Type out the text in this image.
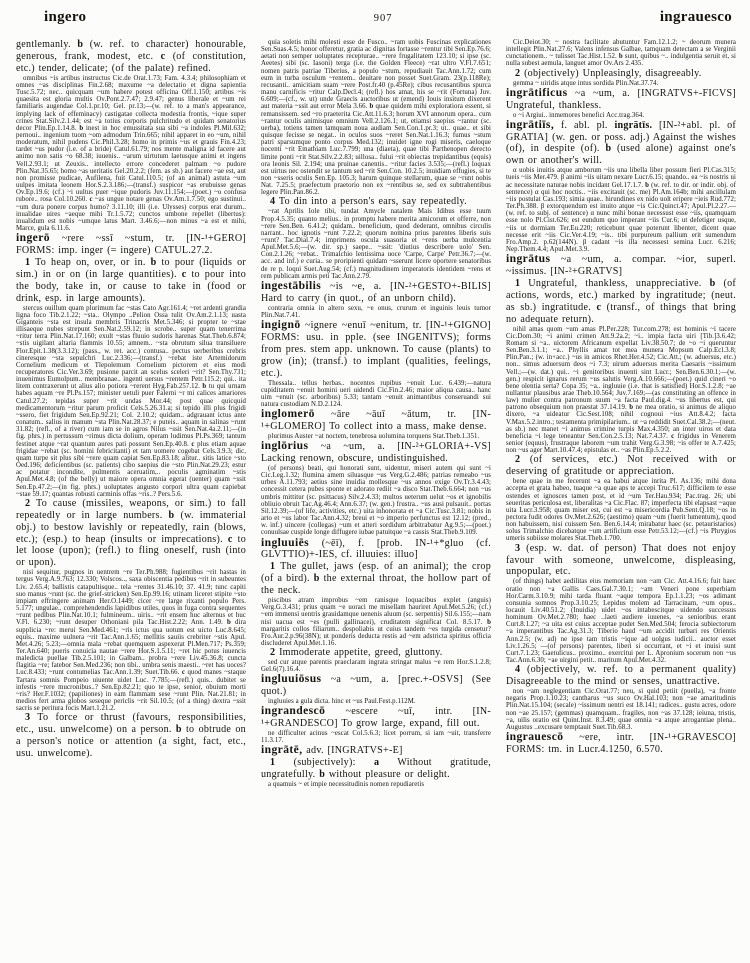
ingero	907	ingrauesco

gentlemanly. b (w. ref. to character) honourable, generous, frank, modest, etc. c (of constitution, etc.) tender, delicate; (of the palate) refined.

omnibus ~is artibus instructus Cic.de Orat.1.73; Fam. 4.3.4; philosophiam et omnes ~as disciplinas Fin.2.68; maxume ~a delectatio et digna sapientia Tusc.5.72; nec.. quicquam ~um habere potest officina Off.1.150; artibus ~is quaesita est gloria multis Ov.Pont.2.7.47; 2.9.47; genus liberale et ~um rei familiaris augendae Col.1.pr.10; Gel. pr.13;—(w. ref. to a man's appearance, implying lack of effeminacy) castigatae collecta modestia frontis, ~ique super crines Stat.Silv.2.1.44; est ~a totius corporis pulchritudo et quidam senatorius decor Plin.Ep.1.14.8. b inest in hoc emussitata sua sibi ~a indoles Pl.Mil.632; pernoui.. ingenium tuom ~om admodum Trin.665; nihil apparet in eo ~um, nihil moderatum, nihil pudens Cic.Phil.3.28; homo in primis ~us et grauis Fin.4.23; tardet ~us pudor (i.e. of a bride) Catul.61.79; nos mente maligna id facere aut animo non satis ~o 68.38; iuuenis.. ~arum uirtutum laetusque animi et ingens Vell.2.93.1; ut Zeuxis.. intellecto errore concederet palmam ~o pudore Plin.Nat.35.65; homo ~as ueritatis Gel.20.2.2; (fem. as sb.) aut facere ~ae est, aut non promisse pudicae, Aufilena, fuit Catul.110.5; (of an animal) astuta ~um uulpes imitata leonem Hor.S.2.3.186;—(transf.) suspicor ~as erubuisse genas Ov.Ep.19.6; (cf.) ~i uultus puer ~ique pudoris Juv.11.154;—(poet.) ~o confusa rubore.. rosa Col.10.260. c ~as ungue notare genas Ov.Am.1.7.50; ego sustinui.. ~um dura ponere corpus humo? 3.11.10; illi (i.e. Ulysses) corpus erat durum.. inualidae uires ~aeque mihi Tr.1.5.72; cunctos umbone repellet (libertus): inualidum est nobis ~umque latus Mart. 3.46.6;—non minus ~a est et mihi, Marce, gula 6.11.6.

ingerō ~rere ~ssī ~stum, tr. [IN-¹+GERO] FORMS: imp. inger (= ingere) CATUL.27.2.

1 To heap on, over, or in. b to pour (liquids or sim.) in or on (in large quantities). c to pour into the body, take in, or cause to take in (food or drink, esp. in large amounts).

stercus ouillum quam plurimum fac ~stas Cato Agr.161.4; ~ret ardenti grandia ligna foco Tib.2.1.22; ~sta.. Olympo ..Pelion Ossa tulit Ov.Am.2.1.13; uasta Giganteis ~sta est insula membris Trinacris Met.5.346; si propter te ~stae illisaeque nubes strepunt Sen.Nat.2.59.12; in scrobe.. super quam tenerrima ~ritur terra Plin.Nat.17.160; exult ~stas fluuio sudoris harenas Stat.Theb.6.874; ~stis uigilant altaria flammis 10.55; amnem.. ~sta obrutum silua transiluere Flor.Epit.1.38(3.3.12); (pass., w. ret. acc.) contusa.. pectus uerberibus crebris cineresque ~sta sepulchri Luc.2.336;—(transf.) ~rebat iste Artemidorum Cornelium medicum et Tlepolemum Cornelium pictorem et eius modi recuperatores Cic.Ver.3.69; pusione parcit an scelus sceleri ~rit? Sen.Thy.731; inuenimus Eumolpum.. membranae.. ingenti uersus ~rentem Petr.115.2; qui.. ita litem contraxerunt ut alius alio potiora ~rerent Hyg.Fab.257.12. b tu qui urnam habes aquam ~re Pl.Ps.157; minister uetuli puer Falerni ~r mi calices amariores Catul.27.2; tepidas super ~rit undas Mor.44; post quae quicquid medicamentorum ~ritur parum proficit Cels.5.26.31.a; si tepido illi plus frigidi ~ssero, fiet frigidum Sen.Ep.92.21; Col. 2.10.2; quidam.. adgrauant ictus ante conatum.. salius in manum ~sta Plin.Nat.28.37; e puteis.. aquam in salinas ~runt 31.82; (refl., of a river) cum iam se in agros Nilus ~ssit Sen.Nat.4a.2.11;—(in fig. phrs.) in pertussum ~rimus dicta dolium, operam ludimus Pl.Ps.369; tantum festinet atque ~rat quantum aures pati possunt Sen.Ep.40.8. c plus etiam aquae frigidae ~rebat (sc. homini febricitanti) et tam uomere cogebat Cels.3.9.3; dic, quam turpe sit plus sibi ~rere quam capiat Sen.Ep.83.18; alitur.. sitis latice ~sto Oed.196; deficientibus (sc. patients) cibo saepius die ~sto Plin.Nat.29.23; estur ac potatur incondite, pulmentis aceruatim,.. poculis agminatim ~stis Apul.Met.4.8; (of the belly) ut maiore opera omnia egerat (uenter) quam ~ssit Sen.Ep.47.2;—(in fig. phrs.) uoluptates angusto corpori ultra quam capiebat ~stae 59.17; quantas robusti carminis offas ~ris..? Pers.5.6.

2 To cause (missiles, weapons, or sim.) to fall repeatedly or in large numbers. b (w. immaterial obj.) to bestow lavishly or repeatedly, rain (blows, etc.); (esp.) to heap (insults or imprecations). c to let loose (upon); (refl.) to fling oneself, rush (into or upon).

nisi sequitur, pugnos in uentrem ~re Ter.Ph.988; fugientibus ~rit hastas in tergus Verg.A.9.763; 12.330; Volscos.., saxa obiscentia pedibus ~rit in subeuntes Liv. 2.65.4; ballistis catapultisque.. tela ~rentes 31.46.10; 37. 41.9; tunc capiti suo manus ~runt (sc. the grief-stricken) Sen.Ep.99.16; utinam liceret stipite ~sto impiam effringere animam Her.O.1449; cicer ~re large rixanti populo Pers. 5.177; ungulae.. comprehendendis lapidibus utiles, quos in fuga contra sequentes ~runt pedibus Plin.Nat.10.1; fulmineum.. uiris.. ~rit ensem huc alternus et huc V.Fl. 6.230; ~runt desuper Othoniani pila Tac.Hist.2.22; Ann. 1.49. b dira supplicia ~re: merui Sen.Med.461; ~ris ictus qua uotum est uicto Luc.8.645; equis.. maxime uulnera ~rit Tac.Ann.1.65; mellitis sauiis crebriter ~stis Apul. Met.4.26; 5.23;—omnia mala ~rebat quemquem aspexerat Pl.Men.717; Ps.359; Ter.An.640; pueris conuicia nautae ~rere Hor.S.1.5.11; ~ret hic potus iuuencis maledicta puellae Tib.2.5.101; in Galbam.. probra ~rere Liv.45.36.8; cuncta flagitia ~re; fatebor Sen.Med.236; non tibi.. umbra senis maesti.. ~ret has uoces? Luc.8.433; ~runt contumelias Tac.Ann.1.39; Suet.Tib.66. c quod manes ~staque Tartara somnis Pompeio uiuente uidet Luc. 7.785;—(refl.) quis.. dubitet se infestis ~rere mucronibus..? Sen.Ep.82.21; quo te ipse, senior, obuium morti ~ris? Her.F.1032; (papiliones) in eam flammam sese ~runt Plin. Nat.21.81; in medios fert arma globos seseque periclis ~rit Sil.10.5; (of a thing) dextra ~ssit sacris se peritura focis Mart.1.21.2.

3 To force or thrust (favours, responsibilities, etc., usu. unwelcome) on a person. b to obtrude on a person's notice or attention (a sight, fact, etc., usu. unwelcome).

quia soletis mihi molesti esse de Fusco.. ~ram uobis Fuscinas explicationes Sen.Suas.4.5; honor offeretur, gratia ac dignitas fortasse ~rentur tibi Sen.Ep.76.6; aetati non semper uoluptates recepturae.. ~rere frugalitatem 123.10; si ipse (sc. Aeetes) sibi (sc. Iasoni) terga (i.e. the Golden Fleece) ~rat ultro V.Fl.7.651; nomen patris patriae Tiberius, a populo ~stum, repudiauit Tac.Ann.1.72; cum eum in turba osculum ~rentem.. deuitare non posset Suet.Gram. 23(p.118Re); recusanti.. amicitiam suam ~rere Post.fr.40 (p.45Re); cibus recusantibus spurca manu carnificis ~ritur Calp.Decl.4; (refl.) hos amat, his se ~rit (Fortuna) Juv. 6.609;—(cf., w. ut) unde Graecis auctoribus ut (emend) Iouis insitum dixerent aut materia ~ssit aut error Mela 3.66. b quae quidem mihi exploratiora essent, si remansissem. sed ~ro praeterita Cic.Att.11.6.3; horum XVI annorum opera.. cum ~rantur oculis animisque omnium Vell.2.126.1; ut, etiamsi saepius ~rantur (sc. uerba), totiens tamen tamquam noua audiam Sen.Con.1.pr.3; ut.. quae.. et sibi quisque fecisse se negat.. in oculos suos ~reret Sen.Nat.1.16.3; fumus ~stum patri sparsumque ponto corpus Med.132; inuidet igne rogi miseris, caeloque nocenti ~rit Emathiam Luc.7.799; una (diaeta), quae tibi Parthenopen derecto limite ponti ~rit Stat.Silv.2.2.83; uillosa.. fului ~rit obiectas trepidantibus (equis) ora leonis Sil. 2.194; una pruinae canentis.. ~ritur facies 3.535;—(refl.) loquax est uirtus nec ostendit se tantum sed ~rit Sen.Con. 10.2.5; inuidiam effugies, si te non ~sseris oculis Sen.Ep. 105.3; harum quinque stellarum, quae se ~runt nobis Nat. 7.25.5; praefectum praetorio non ex ~rentibus se, sed ex subtrahentibus legere Plin.Pan.86.2.

4 To din into a person's ears, say repeatedly.

~rat Aprilis Iole tibi, tundat Amycle natalem Mais Idibus esse tuum Prop.4.5.35; quanto melius.. in promptu habere merita amicorum et offerre, non ~rere Sen.Ben. 6.41.2; quidam.. beneficium, quod dederant, omnibus circulis narrant.. hoc ignotis ~runt 7.22.2; quorum nomina prius parentes liberis suis ~runt? Tac.Dial.7.4; imprimens oscula suasoria et ~rens uerba mulcentia Apul.Met.5.6;—(w. dir. sp.) saepe.. ~ssit: 'diutius describere uolo' Sen. Con.2.1.26; ~rebat.. Trimalchio lentissima uoce 'Carpe, Carpe' Petr.36.7;—(w. acc. and inf.) e curia.. se proripienti quidam ~sserunt licere oportere senatoribus de re p. loqui Suet.Aug.54; (cf.) magnitudinem imperatoris identidem ~rens et rem publicam armis peti Tac.Ann.2.79.

ingestābilis ~is ~e, a. [IN-²+GESTO+-BILIS] Hard to carry (in quot., of an unborn child).

contraria omnia in altero sexu, ~e onus, crurum et inguinis leuis tumor Plin.Nat.7.41.

ingignō ~ignere ~enuī ~enitum, tr. [IN-¹+GIGNO] FORMS: usu. in pple. (see INGENITVS); forms from pres. stem app. unknown. To cause (plants) to grow (in); (transf.) to implant (qualities, feelings, etc.).

Thessala.. tellus herbas.. nocentes rupibus ~enuit Luc. 6.439;—natura cupiditatem ~enuit homini ueri uidendi Cic.Fin.2.46; maior aliqua causa.. hanc uim ~enuit (sc. arboribus) 5.33; tantam ~enuit animantibus conseruandi sui natura custodiam N.D.2.124.

inglomerō ~āre ~āuī ~ātum, tr. [IN-¹+GLOMERO] To collect into a mass, make dense.

plurimus Auster ~at noctem, tenebrosa uolumina torquens Stat.Theb.1.351.

inglōrius ~a ~um, a. [IN-²+GLORIA+-VS] Lacking renown, obscure, undistinguished.

(of persons) beati, qui honorati sunt, uidentur, miseri autem qui sunt ~i Cic.Leg.1.32; flumina amem siluasque ~us Verg.G.2.486; patrias remeabo ~us urbes A.11.793; aetius sine inuidia mollesque ~us annos exige Ov.Tr.3.4.43; concessit cetera pubes sponte et adorato rediit ~a disco Stat.Theb.6.664; non ~us umbris mittitur (sc. psittacus) Silv.2.4.33; multos ueterum uelut ~os et ignobilis obliuio obruit Tac.Ag.46.4; Ann.6.37; (w. gen.) frustra.. ~us ausi pulsauit.. portas Sil.12.39;—(of life, activities, etc.) uita inhonorata et ~a Cic.Tusc.3.81; nobis in arto et ~us labor Tac.Ann.4.32; breui et ~o imperio perfunctus est 12.12; (pred., w. inf.) uincere (collegas) ~um et atteri sordidum arbitrabatur Ag.9.5;—(poet.) conuulsae cuspide longe diffugere iubae patuitque ~a cassis Stat.Theb.9.109.

ingluuiēs (~ēī), f. [prob. IN-¹+*gluo (cf. GLVTTIO)+-IES, cf. illuuies: illuo]

1 The gullet, jaws (esp. of an animal); the crop (of a bird). b the external throat, the hollow part of the neck.

piscibus atram improbus ~em ranisque loquacibus explet (anguis) Verg.G.3.431; prius quam ~e uoraci me misellam hauriret Apul.Met.5.26; (cf.) ~em immensi uentris grauidamque uenenis aluum (sc. serpentis) Sil.6.155;—nam nisi uacua est ~es (pulli gallinacei), cruditatem significat Col. 8.5.17. b margaritis collos filiarum.. despoliabis ut cuius tandem ~es turgida censetur? Fro.Aur.2.p.96(38N); ut ponderis deducta restis ad ~em adstricta spiritus officia discluderet Apul.Met.1.16.

2 Immoderate appetite, greed, gluttony.

sed cur atque parentis praeclaram ingrata stringat malus ~e rem Hor.S.1.2.8; Gel.6(7).16.4.

ingluuiōsus ~a ~um, a. [prec.+-OSVS] (See quot.)

ingluuies a gula dicta. hinc et ~us Paul.Fest.p.112M.

ingrandescō ~escere ~uī, intr. [IN-¹+GRANDESCO] To grow large, expand, fill out.

ne difficulter acinus ~escat Col.5.6.3; licet porrum, si iam ~uit, transferre 11.3.17.

ingrātē, adv. [INGRATVS+-E]

1 (subjectively): a Without gratitude, ungratefully. b without pleasure or delight.

a quamuis ~ et impie necessitudinis nomen repudiaretis

Cic.Deiot.30; ~ nostra facilitate abutuntur Fam.12.1.2; ~ deorum munera intellegit Plin.Nat.27.6; Valens infensus Galbae, tamquam detectam a se Verginii cunctationem.. ~ tulisset Tac.Hist.1.52. b sunt, quibus ~.. indulgentia seruit et, si nulla subest aemula, languet amor Ov.Ars 2.435.

2 (objectively) Unpleasingly, disagreeably.

gemma ~ uiridis atque intus sordida Plin.Nat.37.74.

ingrātificus ~a ~um, a. [INGRATVS+-FICVS] Ungrateful, thankless.

o ~i Argiui.. inmemores benefici Acc.trag.364.

ingrātiīs, f. abl. pl. ingrātīs. [IN-²+abl. pl. of GRATIA] (w. gen. or poss. adj.) Against the wishes (of), in despite (of). b (used alone) against one's own or another's will.

α uobis inuitis atque amborum ~iis una libella liber possum fieri Pl.Cas.315; tueis ~iis Mer.479. β animi ~iis uitam nexare Lucr.6.15; quando.. ea ~is nostris ui ac necessitate naturae nobis incidant Gel.17.1.7. b (w. ref. to dir. or indir. obj. of sentence) α qui hoc noctis.. ~iis excitauit (sc. me) Pl.Am.164b; mihi ancillulam ~iis postulat Cas.193; simia quae.. hirundines ex nido uolt eripere ~ieis Rud.772; Ter.Ph.388. β extorquendum est inuito atque ~is Cic.Quinct.47; Apul.Pl.2.27.—(w. ref. to subj. of sentence) α nunc mihi bonae necessust esse ~iis, quamquam esse nolo Pl.Cist.626; est eundum quo imperant ~iis Cur.6; ut defetiger usque, ~iis ut dormiam Ter.Eu.220; reticebunt quae poterunt libenter, dicent quae necesse erit ~iis Cic.Ver.4.19; ~is.. tibi purpureum pallium erit sumendum Fro.Amp.2. p.62(144N). β cadant ~is illa necessest semina Lucr. 6.216; Nep.Them.4.4; Apul.Met.3.9.

ingrātus ~a ~um, a. compar. ~ior, superl. ~issimus. [IN-²+GRATVS]

1 Ungrateful, thankless, unappreciative. b (of actions, words, etc.) marked by ingratitude; (neut. as sb.) ingratitude. c (transf., of things that bring no adequate return).

nihil amas quom ~um amas Pl.Per.228; Tur.com.278; est hominis ~i tacere Cic.Dom.30; ~i animi crimen Att.9.2a.2; ~i.. impia facta uiri [Tib.]3.6.42; Romam si ~a.. uictorem Africanum expellat Liv.38.50.7; de ~o ~i queruntur Sen.Ben.3.1.1; ~a.. Phyllis amat tot mea munera Mopsum Calp.Ecl.3.8; Plin.Pan.; (w. in+acc.) ~us in amicos Rhet.Her.4.52; Cic.Att.; (w. aduersus, etc.) non.. simus aduersum deos ~i 7.3; uirum aduersus merita Caesaris ~issimum Vell.;—(w. dat.) qui.. ~i genitoribus inuenti sint Lucr.; Sen.Ben.6.30.1;—(w. gen.) respicit ignarus rerum ~us salutis Verg.A.10.666;—(poet.) quid cineri ~o bene olentia serta? Copa 35; ~a.. ingluuie (i.e. that is satisfied) Hor.S.1.2.8; ~ae nullantur plausibus arae Theb.10.564; Juv.7.169;—(as constituting an offence in law) mulier contra patronum suum ~a facta Paul.dig.4. ~us libertus est, qui patrono obsequium non praestat 37.14.19. b ne mea oratio, si animus de aliquo dixero, ~a uideatur Cic.Sest.108; nihil cognoui ~ius Att.8.4.2; facta V.Max.5.2.intro.; testamenta primipilarium.. ut ~a reddidit Suet.Cal.38.2;—(neut. as sb.) nec manet ~i animus crimine turpis Max.4.350; an inter uiros et data beneficia ~i lege teneantur Sen.Con.2.5.13; Nat.7.4.37. c frigidus in Venerem senior (equus), frustraque laborem ~um trahit Verg.G.3.98; ~is offer te A.7.425; non ~us ager Mart.10.47.4; epistulas et.. ~as Plin.Ep.5.2.2.

2 (of services, etc.) Not received with or deserving of gratitude or appreciation.

bene quae in me fecerunt ~a ea habui atque inrita Pl. As.136; mihi dona accepta et grata habeo, tuaque ~a quae aps te accepi Truc.617; difficilem te esse ostendes et ignosces tamen post, et id ~um Ter.Hau.934; Pac.trag. 26; ubi seueritas periculosa est, liberalitas ~a Cic.Flac. 87; imperfecta tibi elapsast ~aque uita Lucr.3.958; quam miser est, cui est ~a misericordia Pub.Sent.Q.18; ~os in pectora fudit odores Ov.Met.2.626; (aestimo) quam ~um (fuerit lumentum), quod non habuissem, nisi cuissem Sen. Ben.6.14.4; mirabatur haec (sc. petauristarios) solus Trimalchio dicebatque ~um artificium esse Petr.53.12;—(cf.) ~is Phrygios umeris subiisse molares Stat.Theb.1.700.

3 (esp. w. dat. of person) That does not enjoy favour with someone, unwelcome, displeasing, unpopular, etc.

(of things) habet aedilitas eius memoriam non ~am Cic. Att.4.16.6; fuit haec oratio non ~a Gallis Caes.Gal.7.30.1; ~am Veneri pone superbiam Hor.Carm.3.10.9; mihi tarda fluant ~aque tempora Ep.1.1.23; ~os adimant consunia somnos Prop.3.10.25; Lepidus molem ad Tarracinam, ~um opus.. locauit Liv.40.51.2; (Inuidia) uidet ~os intabescitque uidendo successus hominum Ov.Met.2.780; haec ..laeti audiere iuuenes, ~a senioribus erant Curt.8.1.27; ~a uita est cuius acceptae pudet Sen.Med.504; ferocia subiectorum ~a imperantibus Tac.Ag.31.3; Tiberio haud ~um accidit turbari res Orientis Ann.2.5; (w. ad) ne ipse tam tristis ~ique ad uolgus iudicii.. auctor esset Liv.1.26.5; —(of persons) parentes, liberi si occurrant, et ~i et inuisi sunt Curt.7.1.23; Gaetulicus.. proximo.. exercitui per L. Apronium socerum non ~us Tac.Ann.6.30; ~ae uirgini petit.. maritum Apul.Met.4.32.

4 (objectively, w. ref. to a permanent quality) Disagreeable to the mind or senses, unattractive.

non ~am neglegentiam Cic.Orat.77; neu, si quid petiit (puella), ~a fronte negaris Prop.1.10.23; cantharus ~us suco Ov.Hal.103; non ~ae amaritudinis Plin.Nat.15.104; (secale) ~issimum uentri est 18.141; radices.. gustu acres, odore non ~ae 25.157; (gemmas) quamquam.. fragiles, non ~as 37.128; ieiuna, tristis, ~a, uilis oratio est Quint.Inst. 8.3.49; quae omnia ~a atque arrogantiae plena.. Augustus ..excusare temptauit Suet.Tib.68.3.

ingrauescō ~ere, intr. [IN-¹+GRAVESCO] FORMS: tm. in Lucr.4.1250, 6.570.
